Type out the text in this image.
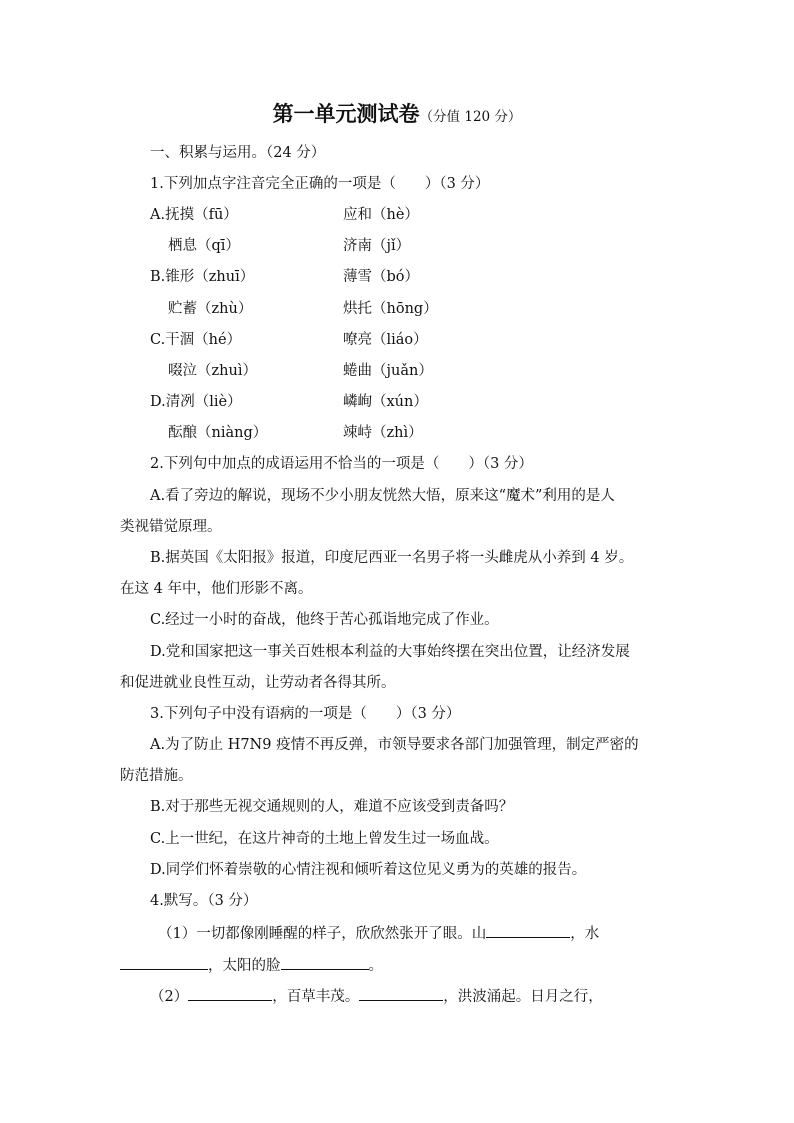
第一单元测试卷（分值 120 分）
一、积累与运用。（24 分）
1.下列加点字注音完全正确的一项是（　　）（3 分）
A.抚摸（fū）	应和（hè）
栖息（qī）	济南（jǐ）
B.锥形（zhuī）	薄雪（bó）
贮蓄（zhù）	烘托（hōng）
C.干涸（hé）	嘹亮（liáo）
啜泣（zhuì）	蜷曲（juǎn）
D.清冽（liè）	嶙峋（xún）
酝酿（niàng）	竦峙（zhì）
2.下列句中加点的成语运用不恰当的一项是（　　）（3 分）
A.看了旁边的解说，现场不少小朋友恍然大悟，原来这“魔术”利用的是人
类视错觉原理。
B.据英国《太阳报》报道，印度尼西亚一名男子将一头雌虎从小养到 4 岁。
在这 4 年中，他们形影不离。
C.经过一小时的奋战，他终于苦心孤诣地完成了作业。
D.党和国家把这一事关百姓根本利益的大事始终摆在突出位置，让经济发展
和促进就业良性互动，让劳动者各得其所。
3.下列句子中没有语病的一项是（　　）（3 分）
A.为了防止 H7N9 疫情不再反弹，市领导要求各部门加强管理，制定严密的
防范措施。
B.对于那些无视交通规则的人，难道不应该受到责备吗？
C.上一世纪，在这片神奇的土地上曾发生过一场血战。
D.同学们怀着崇敬的心情注视和倾听着这位见义勇为的英雄的报告。
4.默写。（3 分）
（1）一切都像刚睡醒的样子，欣欣然张开了眼。山	，水
，太阳的脸	。
（2）	，百草丰茂。	，洪波涌起。日月之行，
